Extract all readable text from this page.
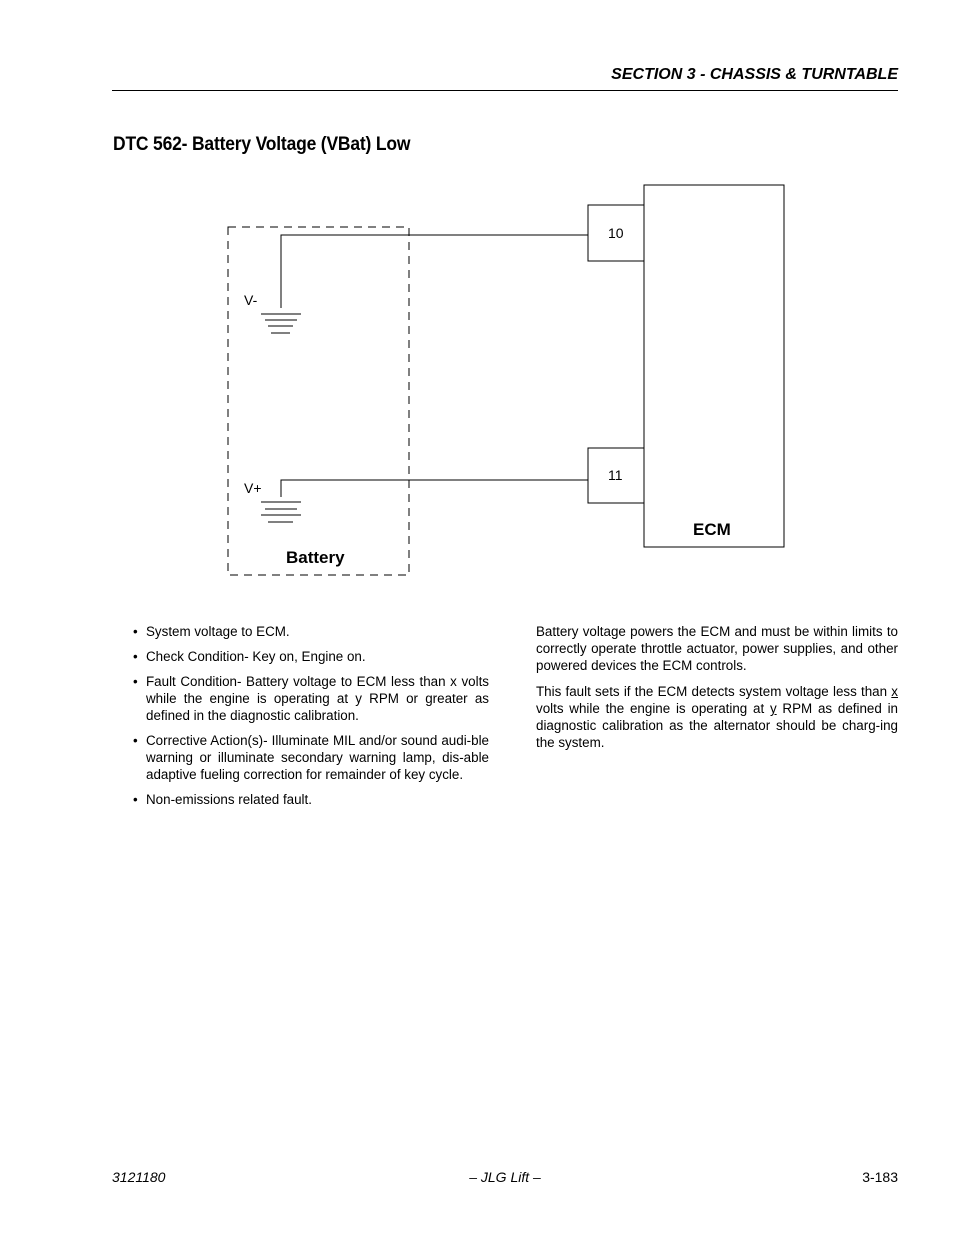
SECTION 3 - CHASSIS & TURNTABLE
DTC 562- Battery Voltage (VBat) Low
10
11
V-
V+
Battery
ECM
• System voltage to ECM.
• Check Condition- Key on, Engine on.
• Fault Condition- Battery voltage to ECM less than x volts while the engine is operating at y RPM or greater as defined in the diagnostic calibration.
• Corrective Action(s)- Illuminate MIL and/or sound audi-ble warning or illuminate secondary warning lamp, dis-able adaptive fueling correction for remainder of key cycle.
• Non-emissions related fault.

Battery voltage powers the ECM and must be within limits to correctly operate throttle actuator, power supplies, and other powered devices the ECM controls.

This fault sets if the ECM detects system voltage less than x volts while the engine is operating at y RPM as defined in diagnostic calibration as the alternator should be charg-ing the system.

3121180	– JLG Lift –	3-183
